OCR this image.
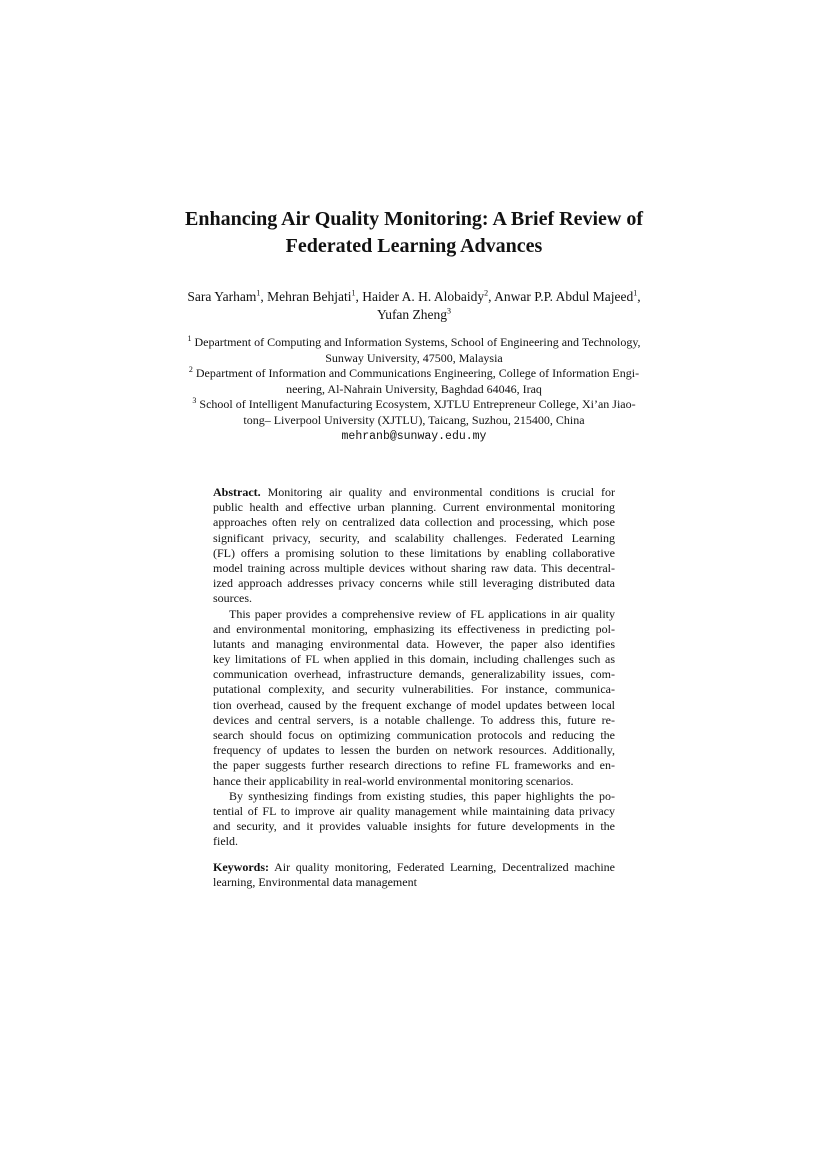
Enhancing Air Quality Monitoring: A Brief Review of
Federated Learning Advances
Sara Yarham$^1$, Mehran Behjati$^1$, Haider A. H. Alobaidy$^2$, Anwar P.P. Abdul Majeed$^1$,
Yufan Zheng$^3$
$^1$ Department of Computing and Information Systems, School of Engineering and Technology,
Sunway University, 47500, Malaysia
$^2$ Department of Information and Communications Engineering, College of Information Engi-
neering, Al-Nahrain University, Baghdad 64046, Iraq
$^3$ School of Intelligent Manufacturing Ecosystem, XJTLU Entrepreneur College, Xi’an Jiao-
tong– Liverpool University (XJTLU), Taicang, Suzhou, 215400, China
mehranb@sunway.edu.my
Abstract. Monitoring air quality and environmental conditions is crucial for
public health and effective urban planning. Current environmental monitoring
approaches often rely on centralized data collection and processing, which pose
significant privacy, security, and scalability challenges. Federated Learning
(FL) offers a promising solution to these limitations by enabling collaborative
model training across multiple devices without sharing raw data. This decentral-
ized approach addresses privacy concerns while still leveraging distributed data
sources.
This paper provides a comprehensive review of FL applications in air quality
and environmental monitoring, emphasizing its effectiveness in predicting pol-
lutants and managing environmental data. However, the paper also identifies
key limitations of FL when applied in this domain, including challenges such as
communication overhead, infrastructure demands, generalizability issues, com-
putational complexity, and security vulnerabilities. For instance, communica-
tion overhead, caused by the frequent exchange of model updates between local
devices and central servers, is a notable challenge. To address this, future re-
search should focus on optimizing communication protocols and reducing the
frequency of updates to lessen the burden on network resources. Additionally,
the paper suggests further research directions to refine FL frameworks and en-
hance their applicability in real-world environmental monitoring scenarios.
By synthesizing findings from existing studies, this paper highlights the po-
tential of FL to improve air quality management while maintaining data privacy
and security, and it provides valuable insights for future developments in the
field.
Keywords: Air quality monitoring, Federated Learning, Decentralized machine
learning, Environmental data management
